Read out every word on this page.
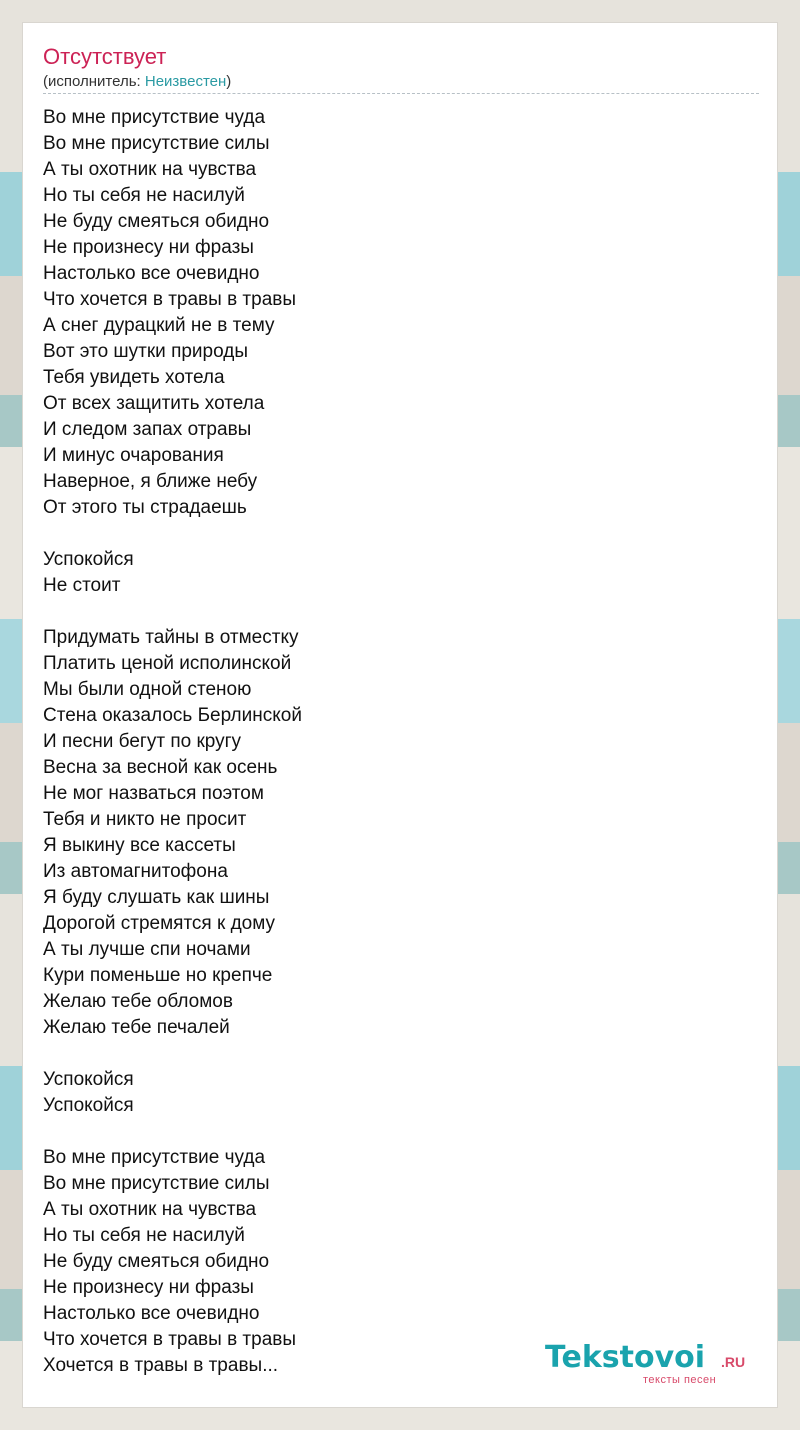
Отсутствует
(исполнитель: Неизвестен)
Во мне присутствие чуда
Во мне присутствие силы
А ты охотник на чувства
Но ты себя не насилуй
Не буду смеяться обидно
Не произнесу ни фразы
Настолько все очевидно
Что хочется в травы в травы
А снег дурацкий не в тему
Вот это шутки природы
Тебя увидеть хотела
От всех защитить хотела
И следом запах отравы
И минус очарования
Наверное, я ближе небу
От этого ты страдаешь
Успокойся
Не стоит
Придумать тайны в отместку
Платить ценой исполинской
Мы были одной стеною
Стена оказалось Берлинской
И песни бегут по кругу
Весна за весной как осень
Не мог назваться поэтом
Тебя и никто не просит
Я выкину все кассеты
Из автомагнитофона
Я буду слушать как шины
Дорогой стремятся к дому
А ты лучше спи ночами
Кури поменьше но крепче
Желаю тебе обломов
Желаю тебе печалей
Успокойся
Успокойся
Во мне присутствие чуда
Во мне присутствие силы
А ты охотник на чувства
Но ты себя не насилуй
Не буду смеяться обидно
Не произнесу ни фразы
Настолько все очевидно
Что хочется в травы в травы
Хочется в травы в травы...	Tekstovoi .RU
тексты песен
